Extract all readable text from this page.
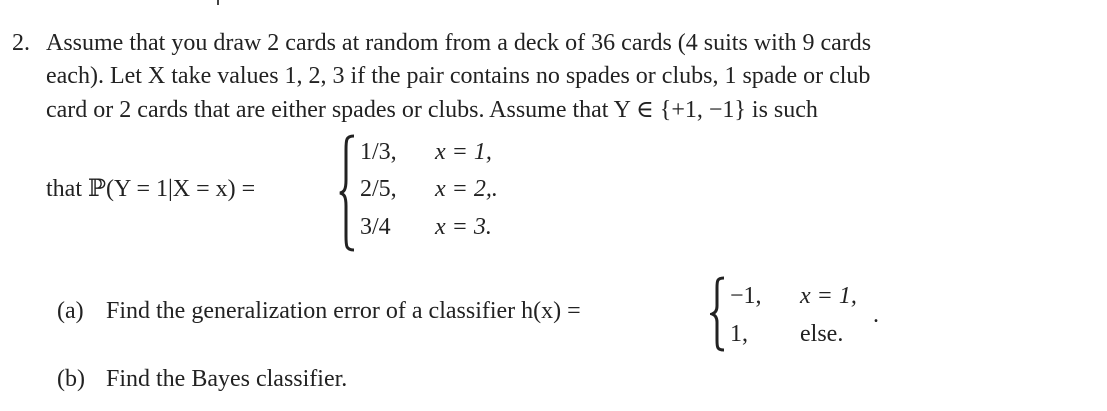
2. Assume that you draw 2 cards at random from a deck of 36 cards (4 suits with 9 cards
each). Let X take values 1, 2, 3 if the pair contains no spades or clubs, 1 spade or club
card or 2 cards that are either spades or clubs. Assume that Y ∈ {+1, −1} is such
that ℙ(Y = 1|X = x) =
1/3, x = 1,
2/5, x = 2,.
3/4 x = 3.
(a) Find the generalization error of a classifier h(x) =
−1, x = 1,
1, else.
.
(b) Find the Bayes classifier.
